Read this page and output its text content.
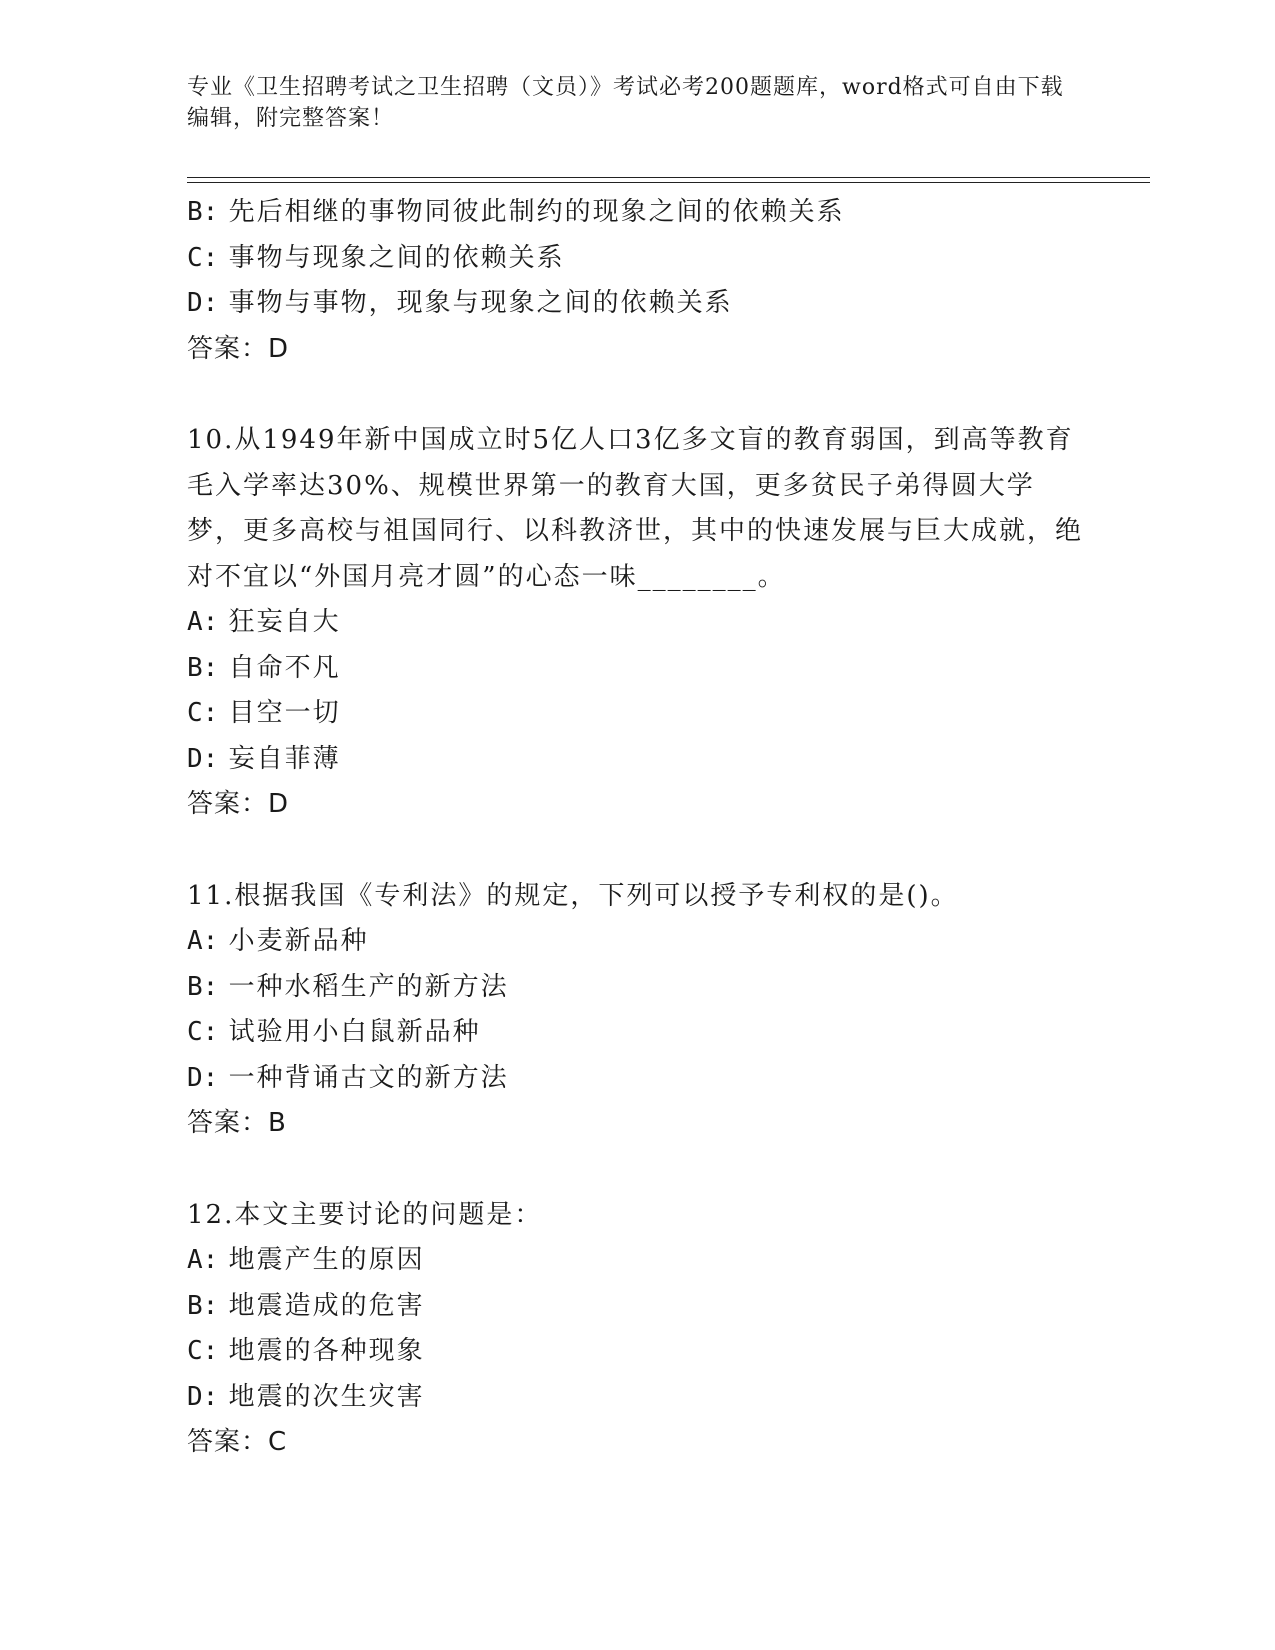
专业《卫生招聘考试之卫生招聘（文员）》考试必考200题题库，word格式可自由下载编辑，附完整答案！
B: 先后相继的事物同彼此制约的现象之间的依赖关系
C: 事物与现象之间的依赖关系
D: 事物与事物，现象与现象之间的依赖关系
答案：D
10.从1949年新中国成立时5亿人口3亿多文盲的教育弱国，到高等教育毛入学率达30%、规模世界第一的教育大国，更多贫民子弟得圆大学梦，更多高校与祖国同行、以科教济世，其中的快速发展与巨大成就，绝对不宜以“外国月亮才圆”的心态一味________。
A: 狂妄自大
B: 自命不凡
C: 目空一切
D: 妄自菲薄
答案：D
11.根据我国《专利法》的规定，下列可以授予专利权的是()。
A: 小麦新品种
B: 一种水稻生产的新方法
C: 试验用小白鼠新品种
D: 一种背诵古文的新方法
答案：B
12.本文主要讨论的问题是：
A: 地震产生的原因
B: 地震造成的危害
C: 地震的各种现象
D: 地震的次生灾害
答案：C
